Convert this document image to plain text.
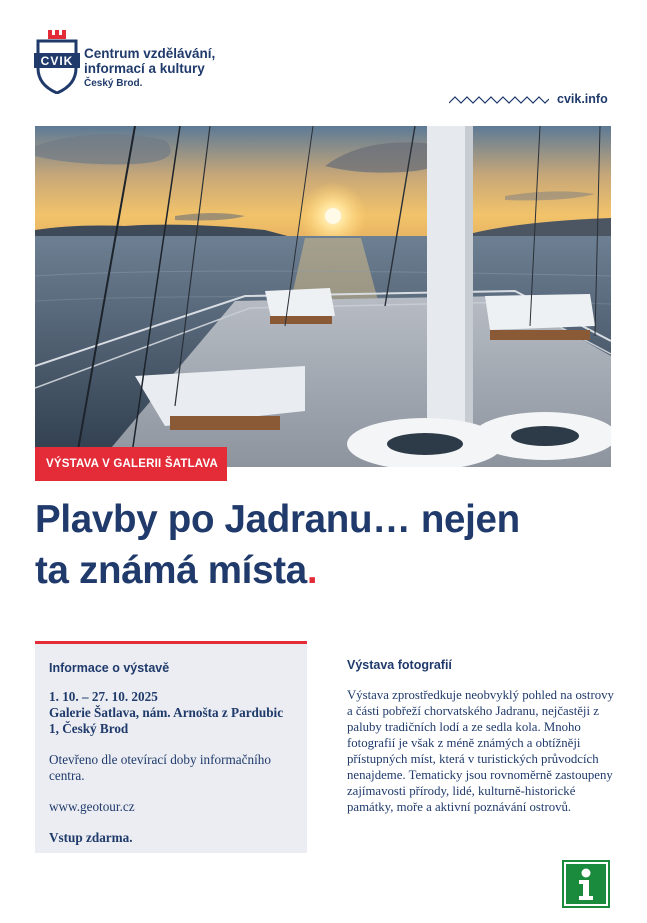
CVIK Centrum vzdělávání,
informací a kultury
Český Brod.
cvik.info
VÝSTAVA V GALERII ŠATLAVA
Plavby po Jadranu… nejen
ta známá místa.
Informace o výstavě
1. 10. – 27. 10. 2025
Galerie Šatlava, nám. Arnošta z Pardubic 1, Český Brod
Otevřeno dle otevírací doby informačního centra.
www.geotour.cz
Vstup zdarma.
Výstava fotografií

Výstava zprostředkuje neobvyklý pohled na ostrovy a části pobřeží chorvatského Jadranu, nejčastěji z paluby tradičních lodí a ze sedla kola. Mnoho fotografií je však z méně známých a obtížněji přístupných míst, která v turistických průvodcích nenajdeme. Tematicky jsou rovnoměrně zastoupeny zajímavosti přírody, lidé, kulturně-historické památky, moře a aktivní poznávání ostrovů.
